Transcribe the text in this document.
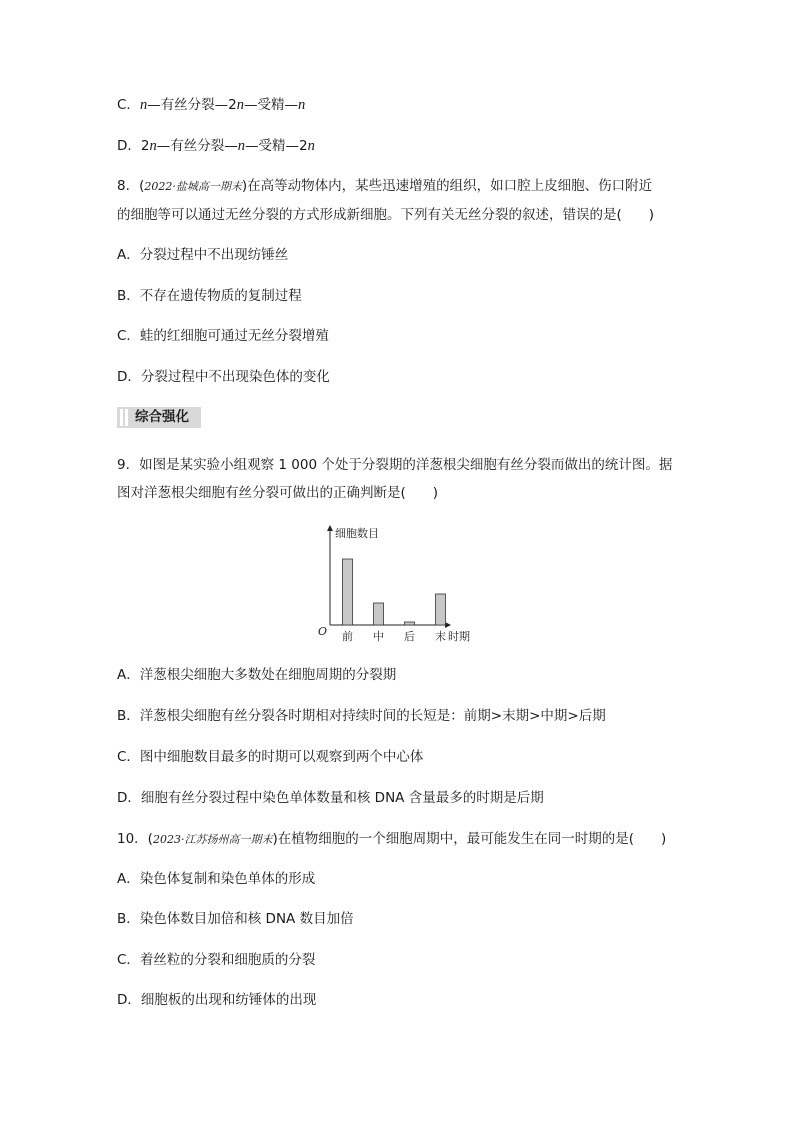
C．n—有丝分裂—2n—受精—n
D．2n—有丝分裂—n—受精—2n
8．(2022·盐城高一期末)在高等动物体内，某些迅速增殖的组织，如口腔上皮细胞、伤口附近
的细胞等可以通过无丝分裂的方式形成新细胞。下列有关无丝分裂的叙述，错误的是(　　)
A．分裂过程中不出现纺锤丝
B．不存在遗传物质的复制过程
C．蛙的红细胞可通过无丝分裂增殖
D．分裂过程中不出现染色体的变化
综合强化
9．如图是某实验小组观察 1 000 个处于分裂期的洋葱根尖细胞有丝分裂而做出的统计图。据
图对洋葱根尖细胞有丝分裂可做出的正确判断是(　　)
细胞数目
O	时期
前 中 后 末
A．洋葱根尖细胞大多数处在细胞周期的分裂期
B．洋葱根尖细胞有丝分裂各时期相对持续时间的长短是：前期>末期>中期>后期
C．图中细胞数目最多的时期可以观察到两个中心体
D．细胞有丝分裂过程中染色单体数量和核 DNA 含量最多的时期是后期
10．(2023·江苏扬州高一期末)在植物细胞的一个细胞周期中，最可能发生在同一时期的是(　　)
A．染色体复制和染色单体的形成
B．染色体数目加倍和核 DNA 数目加倍
C．着丝粒的分裂和细胞质的分裂
D．细胞板的出现和纺锤体的出现
